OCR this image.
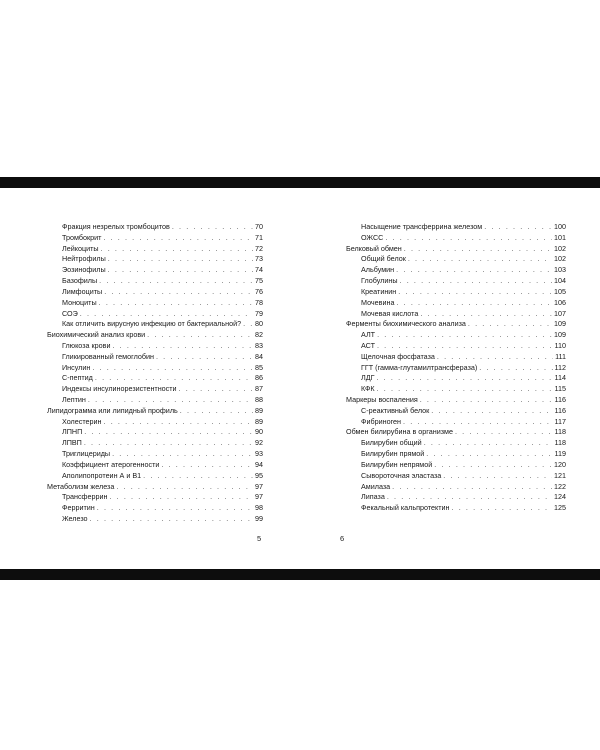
Фракция незрелых тромбоцитов . . .	70
Тромбокрит . . .	71
Лейкоциты . . .	72
Нейтрофилы . . .	73
Эозинофилы . . .	74
Базофилы . . .	75
Лимфоциты . . .	76
Моноциты . . .	78
СОЭ . . .	79
Как отличить вирусную инфекцию от бактериальной? . . . 80
Биохимический анализ крови . . .	82
Глюкоза крови . . .	83
Гликированный гемоглобин . . .	84
Инсулин . . .	85
С-пептид . . .	86
Индексы инсулинорезистентности . . .	87
Лептин . . .	88
Липидограмма или липидный профиль . . .	89
Холестерин . . .	89
ЛПНП . . .	90
ЛПВП . . .	92
Триглицериды . . .	93
Коэффициент атерогенности . . .	94
Аполипопротеин А и В1 . . .	95
Метаболизм железа . . .	97
Трансферрин . . .	97
Ферритин . . .	98
Железо . . .	99
Насыщение трансферрина железом . . .	100
ОЖСС . . .	101
Белковый обмен . . .	102
Общий белок . . .	102
Альбумин . . .	103
Глобулины . . .	104
Креатинин . . .	105
Мочевина . . .	106
Мочевая кислота . . .	107
Ферменты биохимического анализа . . .	109
АЛТ . . .	109
АСТ . . .	110
Щелочная фосфатаза . . .	111
ГГТ (гамма-глутамилтрансфераза) . . .	112
ЛДГ . . .	114
КФК . . .	115
Маркеры воспаления . . .	116
С-реактивный белок . . .	116
Фибриноген . . .	117
Обмен билирубина в организме . . .	118
Билирубин общий . . .	118
Билирубин прямой . . .	119
Билирубин непрямой . . .	120
Сывороточная эластаза . . .	121
Амилаза . . .	122
Липаза . . .	124
Фекальный кальпротектин . . .	125
5	6
